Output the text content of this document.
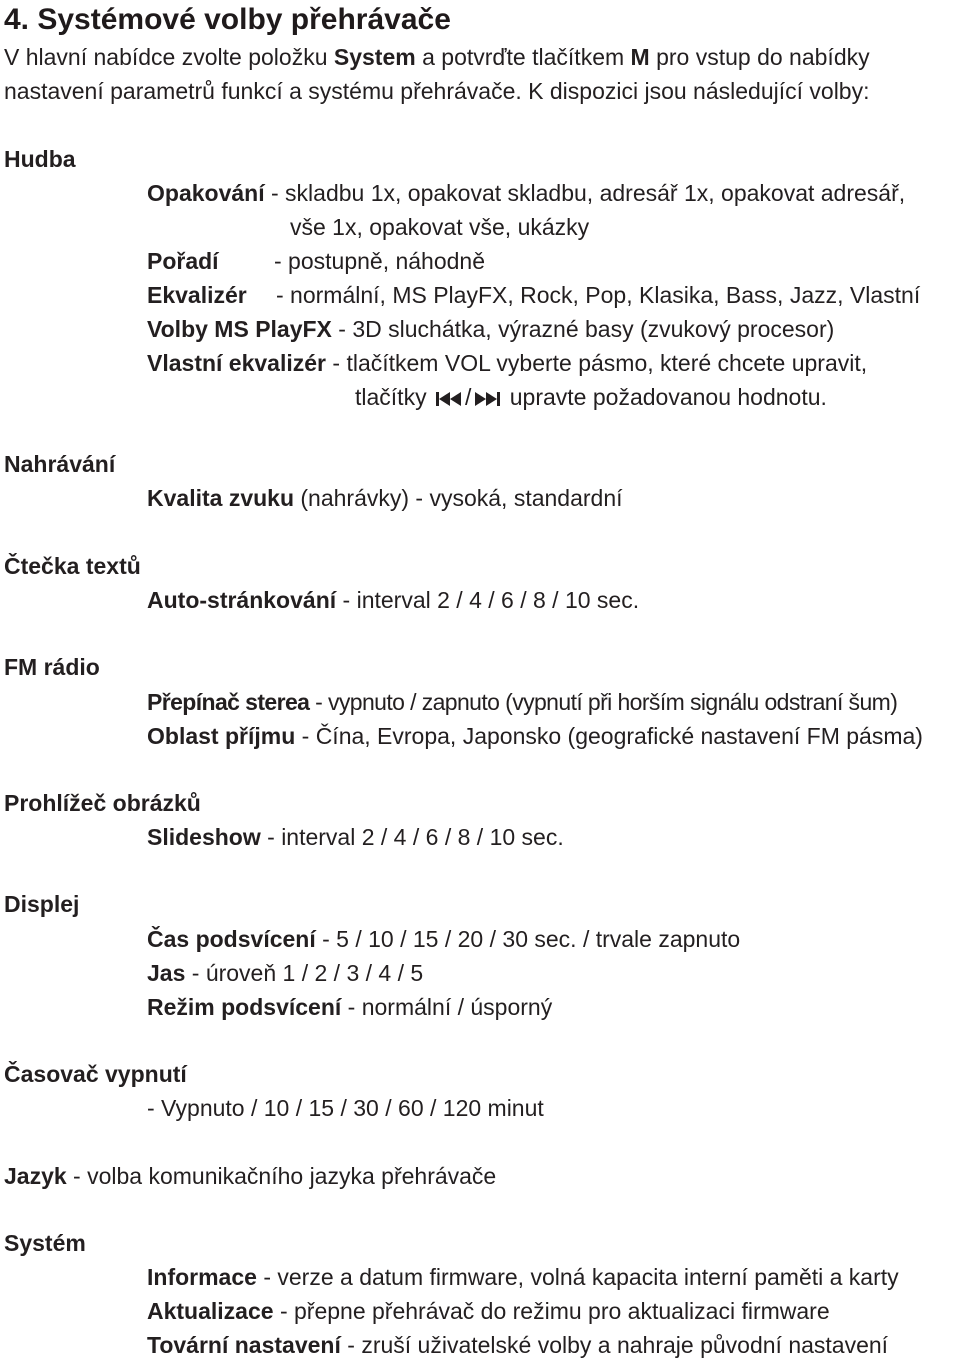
4. Systémové volby přehrávače
V hlavní nabídce zvolte položku System a potvrďte tlačítkem M pro vstup do nabídky
nastavení parametrů funkcí a systému přehrávače. K dispozici jsou následující volby:
Hudba
Opakování - skladbu 1x, opakovat skladbu, adresář 1x, opakovat adresář,
vše 1x, opakovat vše, ukázky
Pořadí - postupně, náhodně
Ekvalizér - normální, MS PlayFX, Rock, Pop, Klasika, Bass, Jazz, Vlastní
Volby MS PlayFX - 3D sluchátka, výrazné basy (zvukový procesor)
Vlastní ekvalizér - tlačítkem VOL vyberte pásmo, které chcete upravit,
tlačítky / upravte požadovanou hodnotu.
Nahrávání
Kvalita zvuku (nahrávky) - vysoká, standardní
Čtečka textů
Auto-stránkování - interval 2 / 4 / 6 / 8 / 10 sec.
FM rádio
Přepínač sterea - vypnuto / zapnuto (vypnutí při horším signálu odstraní šum)
Oblast příjmu - Čína, Evropa, Japonsko (geografické nastavení FM pásma)
Prohlížeč obrázků
Slideshow - interval 2 / 4 / 6 / 8 / 10 sec.
Displej
Čas podsvícení - 5 / 10 / 15 / 20 / 30 sec. / trvale zapnuto
Jas - úroveň 1 / 2 / 3 / 4 / 5
Režim podsvícení - normální / úsporný
Časovač vypnutí
- Vypnuto / 10 / 15 / 30 / 60 / 120 minut
Jazyk - volba komunikačního jazyka přehrávače
Systém
Informace - verze a datum firmware, volná kapacita interní paměti a karty
Aktualizace - přepne přehrávač do režimu pro aktualizaci firmware
Tovární nastavení - zruší uživatelské volby a nahraje původní nastavení
